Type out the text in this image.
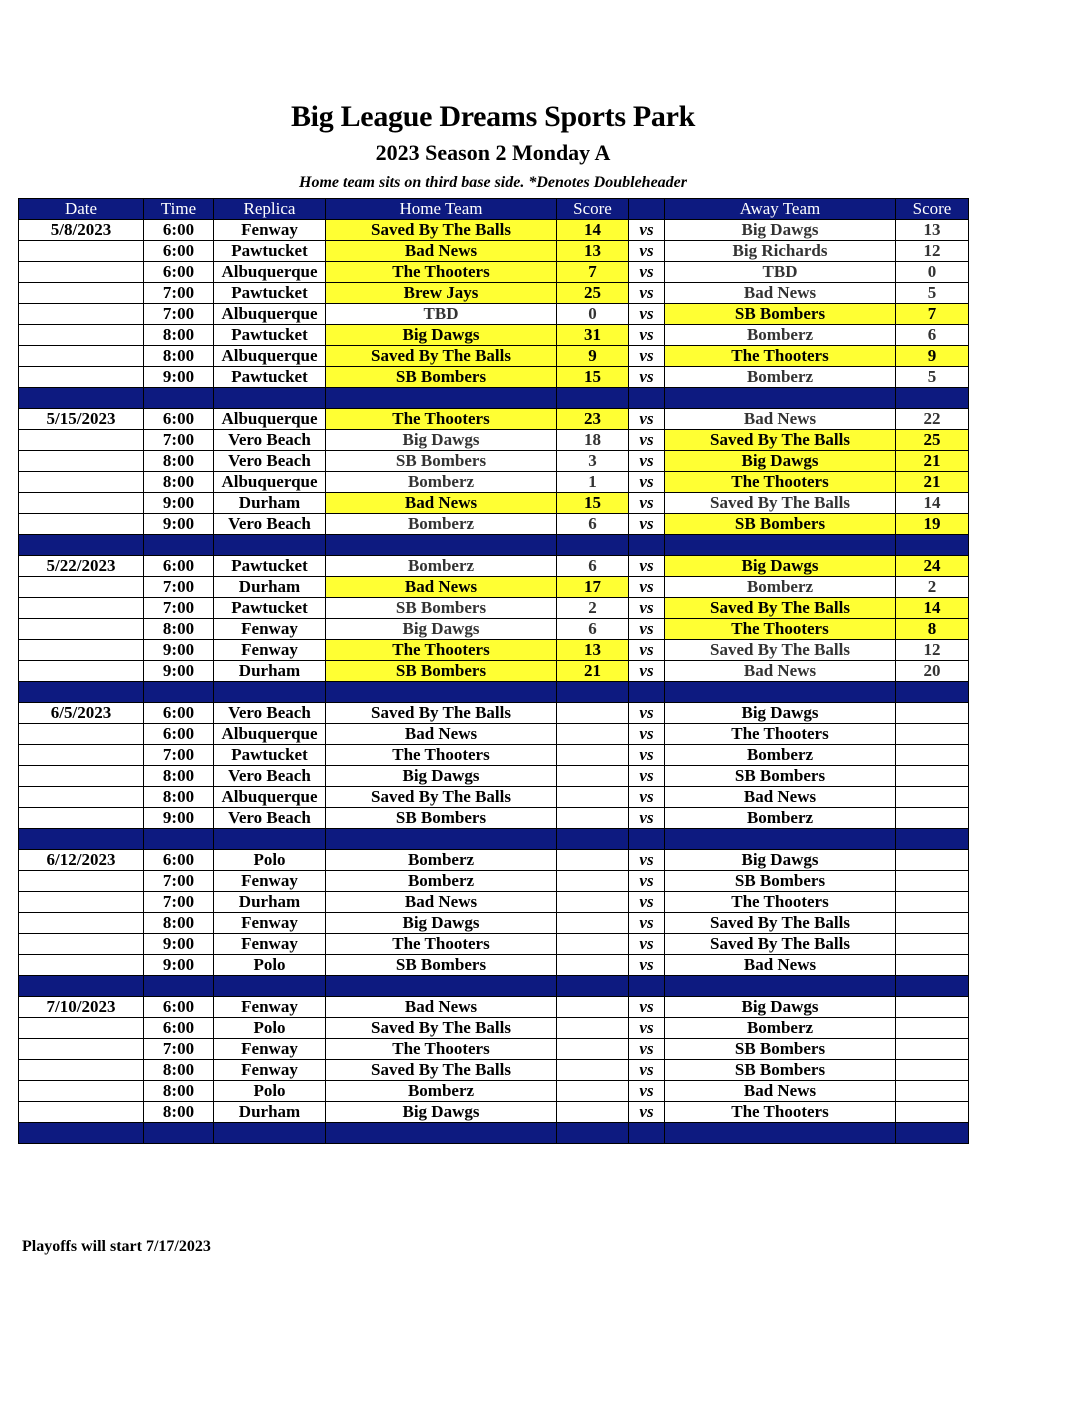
Big League Dreams Sports Park
2023 Season 2 Monday A
Home team sits on third base side. *Denotes Doubleheader
Date	Time	Replica	Home Team	Score		Away Team	Score
5/8/2023	6:00	Fenway	Saved By The Balls	14	vs	Big Dawgs	13
	6:00	Pawtucket	Bad News	13	vs	Big Richards	12
	6:00	Albuquerque	The Thooters	7	vs	TBD	0
	7:00	Pawtucket	Brew Jays	25	vs	Bad News	5
	7:00	Albuquerque	TBD	0	vs	SB Bombers	7
	8:00	Pawtucket	Big Dawgs	31	vs	Bomberz	6
	8:00	Albuquerque	Saved By The Balls	9	vs	The Thooters	9
	9:00	Pawtucket	SB Bombers	15	vs	Bomberz	5

5/15/2023	6:00	Albuquerque	The Thooters	23	vs	Bad News	22
	7:00	Vero Beach	Big Dawgs	18	vs	Saved By The Balls	25
	8:00	Vero Beach	SB Bombers	3	vs	Big Dawgs	21
	8:00	Albuquerque	Bomberz	1	vs	The Thooters	21
	9:00	Durham	Bad News	15	vs	Saved By The Balls	14
	9:00	Vero Beach	Bomberz	6	vs	SB Bombers	19

5/22/2023	6:00	Pawtucket	Bomberz	6	vs	Big Dawgs	24
	7:00	Durham	Bad News	17	vs	Bomberz	2
	7:00	Pawtucket	SB Bombers	2	vs	Saved By The Balls	14
	8:00	Fenway	Big Dawgs	6	vs	The Thooters	8
	9:00	Fenway	The Thooters	13	vs	Saved By The Balls	12
	9:00	Durham	SB Bombers	21	vs	Bad News	20

6/5/2023	6:00	Vero Beach	Saved By The Balls		vs	Big Dawgs	
	6:00	Albuquerque	Bad News		vs	The Thooters	
	7:00	Pawtucket	The Thooters		vs	Bomberz	
	8:00	Vero Beach	Big Dawgs		vs	SB Bombers	
	8:00	Albuquerque	Saved By The Balls		vs	Bad News	
	9:00	Vero Beach	SB Bombers		vs	Bomberz	

6/12/2023	6:00	Polo	Bomberz		vs	Big Dawgs	
	7:00	Fenway	Bomberz		vs	SB Bombers	
	7:00	Durham	Bad News		vs	The Thooters	
	8:00	Fenway	Big Dawgs		vs	Saved By The Balls	
	9:00	Fenway	The Thooters		vs	Saved By The Balls	
	9:00	Polo	SB Bombers		vs	Bad News	

7/10/2023	6:00	Fenway	Bad News		vs	Big Dawgs	
	6:00	Polo	Saved By The Balls		vs	Bomberz	
	7:00	Fenway	The Thooters		vs	SB Bombers	
	8:00	Fenway	Saved By The Balls		vs	SB Bombers	
	8:00	Polo	Bomberz		vs	Bad News	
	8:00	Durham	Big Dawgs		vs	The Thooters	

Playoffs will start 7/17/2023
